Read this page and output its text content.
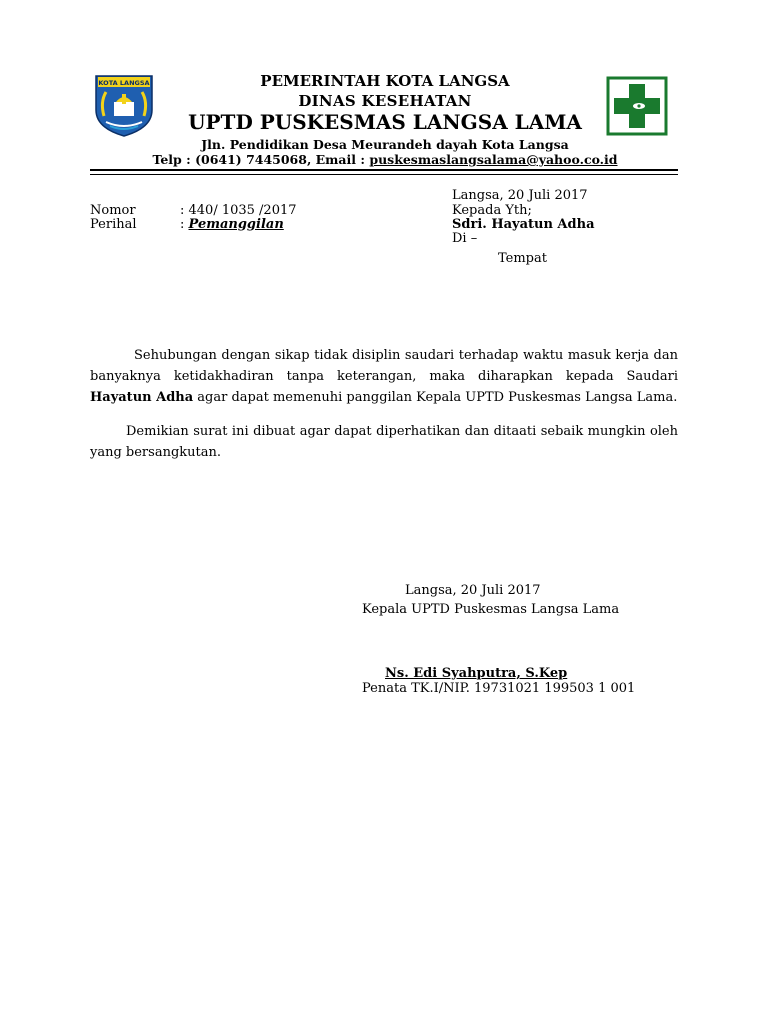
KOTA LANGSA	PEMERINTAH KOTA LANGSA
DINAS KESEHATAN
UPTD PUSKESMAS LANGSA LAMA
Jln. Pendidikan Desa Meurandeh dayah Kota Langsa
Telp : (0641) 7445068, Email : puskesmaslangsalama@yahoo.co.id
Nomor	: 440/ 1035 /2017
Perihal	: Pemanggilan
Langsa, 20 Juli 2017
Kepada Yth;
Sdri. Hayatun Adha
Di –
Tempat
Sehubungan dengan sikap tidak disiplin saudari terhadap waktu masuk kerja dan banyaknya ketidakhadiran tanpa keterangan, maka diharapkan kepada Saudari Hayatun Adha agar dapat memenuhi panggilan Kepala UPTD Puskesmas Langsa Lama.
Demikian surat ini dibuat agar dapat diperhatikan dan ditaati sebaik mungkin oleh yang bersangkutan.
Langsa, 20 Juli 2017
Kepala UPTD Puskesmas Langsa Lama
Ns. Edi Syahputra, S.Kep
Penata TK.I/NIP. 19731021 199503 1 001
